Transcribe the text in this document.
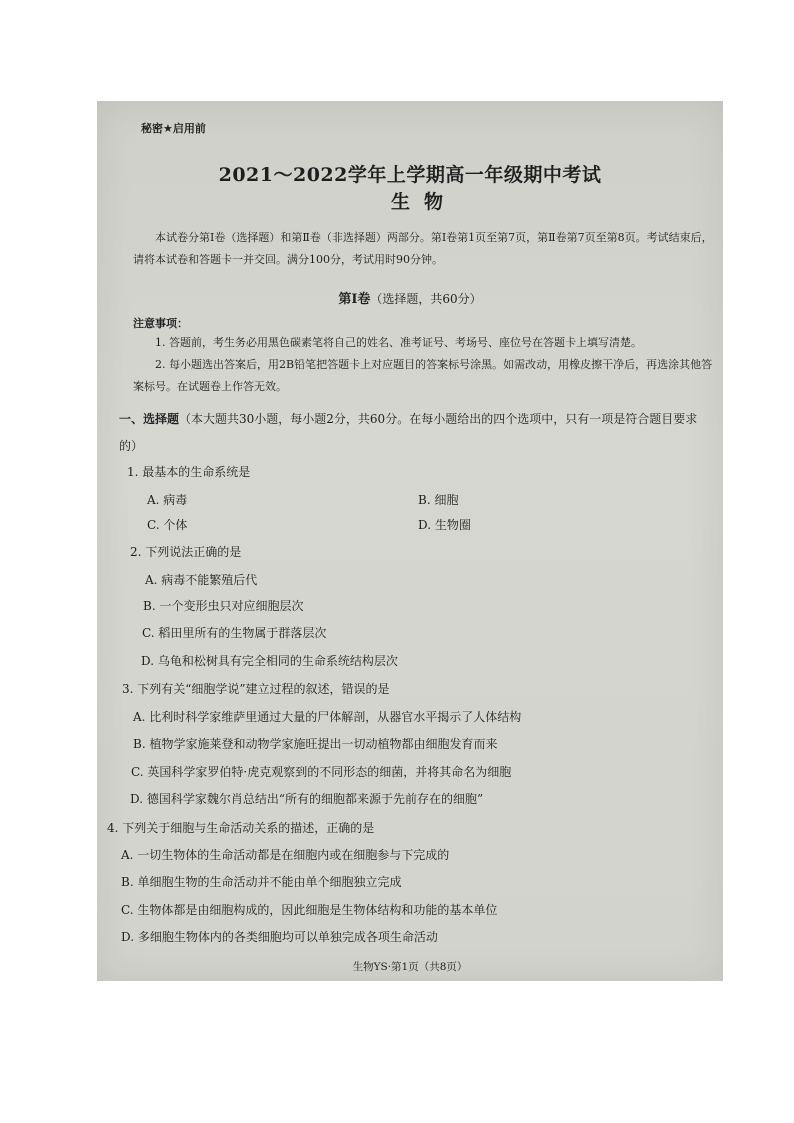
秘密★启用前
2021～2022学年上学期高一年级期中考试
生物
本试卷分第Ⅰ卷（选择题）和第Ⅱ卷（非选择题）两部分。第Ⅰ卷第1页至第7页，第Ⅱ卷第7页至第8页。考试结束后，请将本试卷和答题卡一并交回。满分100分，考试用时90分钟。
第Ⅰ卷（选择题，共60分）
注意事项：
1. 答题前，考生务必用黑色碳素笔将自己的姓名、准考证号、考场号、座位号在答题卡上填写清楚。
2. 每小题选出答案后，用2B铅笔把答题卡上对应题目的答案标号涂黑。如需改动，用橡皮擦干净后，再选涂其他答案标号。在试题卷上作答无效。
一、选择题（本大题共30小题，每小题2分，共60分。在每小题给出的四个选项中，只有一项是符合题目要求的）
1. 最基本的生命系统是
A. 病毒	B. 细胞
C. 个体	D. 生物圈
2. 下列说法正确的是
A. 病毒不能繁殖后代
B. 一个变形虫只对应细胞层次
C. 稻田里所有的生物属于群落层次
D. 乌龟和松树具有完全相同的生命系统结构层次
3. 下列有关“细胞学说”建立过程的叙述，错误的是
A. 比利时科学家维萨里通过大量的尸体解剖，从器官水平揭示了人体结构
B. 植物学家施莱登和动物学家施旺提出一切动植物都由细胞发育而来
C. 英国科学家罗伯特·虎克观察到的不同形态的细菌，并将其命名为细胞
D. 德国科学家魏尔肖总结出“所有的细胞都来源于先前存在的细胞”
4. 下列关于细胞与生命活动关系的描述，正确的是
A. 一切生物体的生命活动都是在细胞内或在细胞参与下完成的
B. 单细胞生物的生命活动并不能由单个细胞独立完成
C. 生物体都是由细胞构成的，因此细胞是生物体结构和功能的基本单位
D. 多细胞生物体内的各类细胞均可以单独完成各项生命活动
生物YS·第1页（共8页）
